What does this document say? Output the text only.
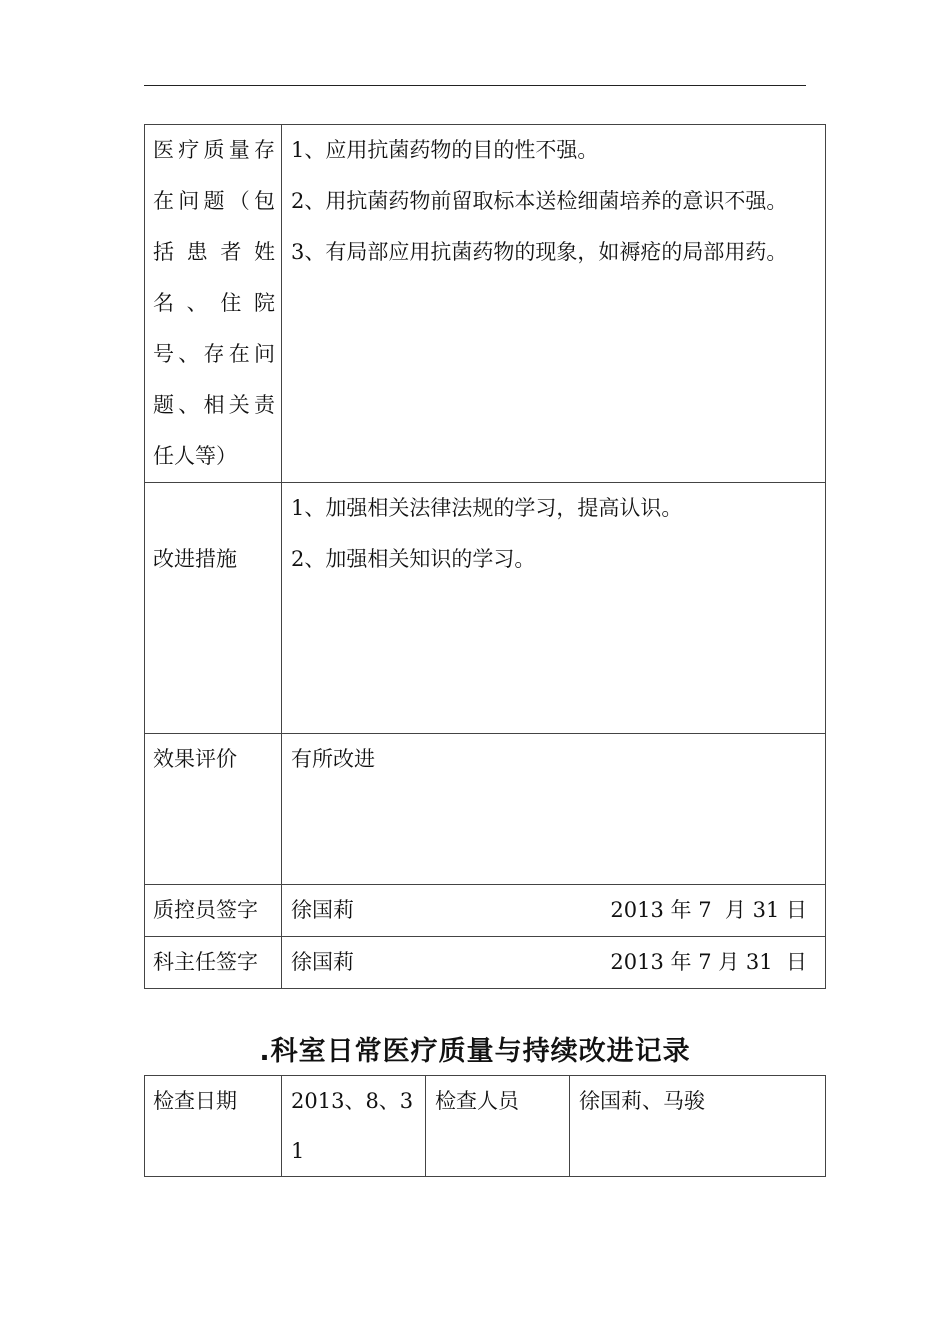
医疗质量存在问题（包括患者姓名、住院号、存在问题、相关责任人等）	1、应用抗菌药物的目的性不强。
2、用抗菌药物前留取标本送检细菌培养的意识不强。
3、有局部应用抗菌药物的现象，如褥疮的局部用药。

改进措施	1、加强相关法律法规的学习，提高认识。
2、加强相关知识的学习。

效果评价	有所改进
质控员签字	徐国莉 2013 年 7  月 31 日

科主任签字	徐国莉 2013 年 7 月 31  日
.科室日常医疗质量与持续改进记录
检查日期	2013、8、31	检查人员	徐国莉、马骏
